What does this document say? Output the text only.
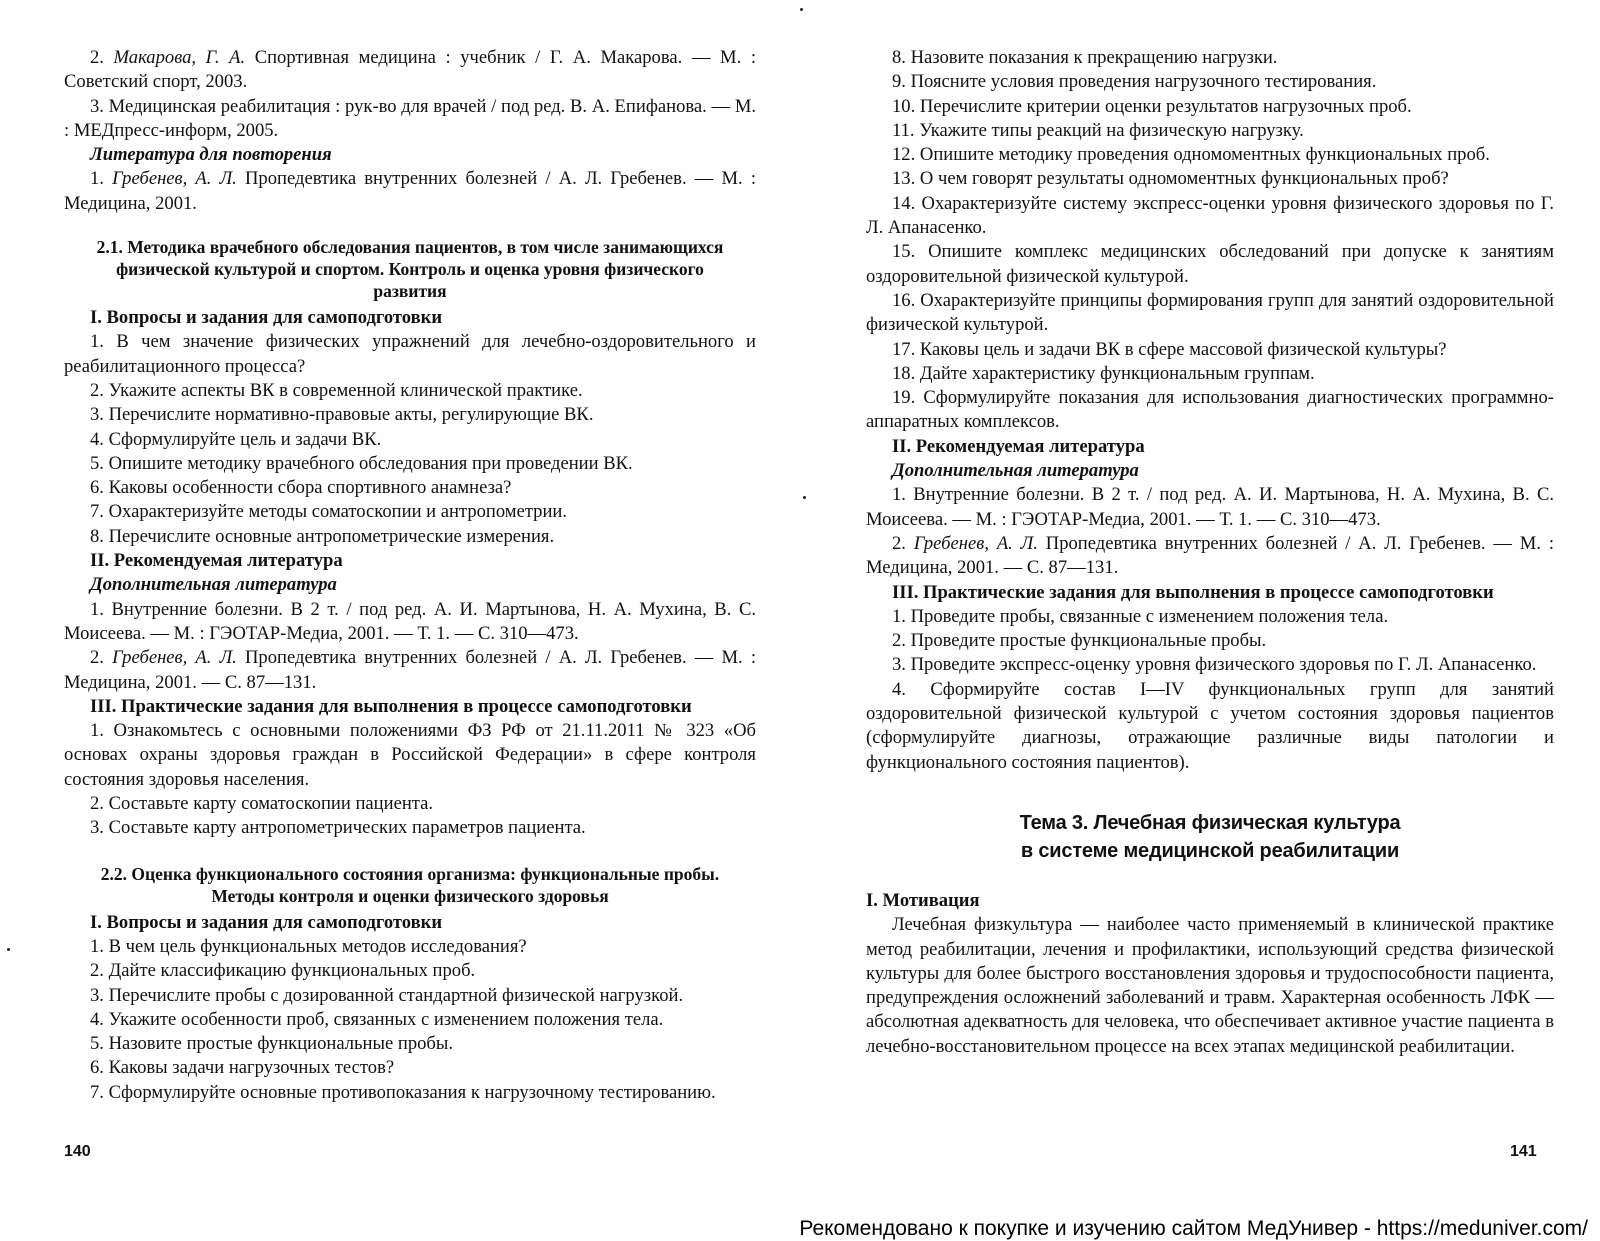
2. Макарова, Г. А. Спортивная медицина : учебник / Г. А. Макарова. — М. : Советский спорт, 2003.

3. Медицинская реабилитация : рук-во для врачей / под ред. В. А. Епифанова. — М. : МЕДпресс-информ, 2005.

Литература для повторения

1. Гребенев, А. Л. Пропедевтика внутренних болезней / А. Л. Гребенев. — М. : Медицина, 2001.

2.1. Методика врачебного обследования пациентов, в том числе занимающихся физической культурой и спортом. Контроль и оценка уровня физического развития

I. Вопросы и задания для самоподготовки

1. В чем значение физических упражнений для лечебно-оздоровительного и реабилитационного процесса?

2. Укажите аспекты ВК в современной клинической практике.

3. Перечислите нормативно-правовые акты, регулирующие ВК.

4. Сформулируйте цель и задачи ВК.

5. Опишите методику врачебного обследования при проведении ВК.

6. Каковы особенности сбора спортивного анамнеза?

7. Охарактеризуйте методы соматоскопии и антропометрии.

8. Перечислите основные антропометрические измерения.

II. Рекомендуемая литература

Дополнительная литература

1. Внутренние болезни. В 2 т. / под ред. А. И. Мартынова, Н. А. Мухина, В. С. Моисеева. — М. : ГЭОТАР-Медиа, 2001. — Т. 1. — С. 310—473.

2. Гребенев, А. Л. Пропедевтика внутренних болезней / А. Л. Гребенев. — М. : Медицина, 2001. — С. 87—131.

III. Практические задания для выполнения в процессе самоподготовки

1. Ознакомьтесь с основными положениями ФЗ РФ от 21.11.2011 № 323 «Об основах охраны здоровья граждан в Российской Федерации» в сфере контроля состояния здоровья населения.

2. Составьте карту соматоскопии пациента.

3. Составьте карту антропометрических параметров пациента.

2.2. Оценка функционального состояния организма: функциональные пробы. Методы контроля и оценки физического здоровья

I. Вопросы и задания для самоподготовки

1. В чем цель функциональных методов исследования?

2. Дайте классификацию функциональных проб.

3. Перечислите пробы с дозированной стандартной физической нагрузкой.

4. Укажите особенности проб, связанных с изменением положения тела.

5. Назовите простые функциональные пробы.

6. Каковы задачи нагрузочных тестов?

7. Сформулируйте основные противопоказания к нагрузочному тестированию.

140

8. Назовите показания к прекращению нагрузки.

9. Поясните условия проведения нагрузочного тестирования.

10. Перечислите критерии оценки результатов нагрузочных проб.

11. Укажите типы реакций на физическую нагрузку.

12. Опишите методику проведения одномоментных функциональных проб.

13. О чем говорят результаты одномоментных функциональных проб?

14. Охарактеризуйте систему экспресс-оценки уровня физического здоровья по Г. Л. Апанасенко.

15. Опишите комплекс медицинских обследований при допуске к занятиям оздоровительной физической культурой.

16. Охарактеризуйте принципы формирования групп для занятий оздоровительной физической культурой.

17. Каковы цель и задачи ВК в сфере массовой физической культуры?

18. Дайте характеристику функциональным группам.

19. Сформулируйте показания для использования диагностических программно-аппаратных комплексов.

II. Рекомендуемая литература

Дополнительная литература

1. Внутренние болезни. В 2 т. / под ред. А. И. Мартынова, Н. А. Мухина, В. С. Моисеева. — М. : ГЭОТАР-Медиа, 2001. — Т. 1. — С. 310—473.

2. Гребенев, А. Л. Пропедевтика внутренних болезней / А. Л. Гребенев. — М. : Медицина, 2001. — С. 87—131.

III. Практические задания для выполнения в процессе самоподготовки

1. Проведите пробы, связанные с изменением положения тела.

2. Проведите простые функциональные пробы.

3. Проведите экспресс-оценку уровня физического здоровья по Г. Л. Апанасенко.

4. Сформируйте состав I—IV функциональных групп для занятий оздоровительной физической культурой с учетом состояния здоровья пациентов (сформулируйте диагнозы, отражающие различные виды патологии и функционального состояния пациентов).

Тема 3. Лечебная физическая культура
в системе медицинской реабилитации

I. Мотивация

Лечебная физкультура — наиболее часто применяемый в клинической практике метод реабилитации, лечения и профилактики, использующий средства физической культуры для более быстрого восстановления здоровья и трудоспособности пациента, предупреждения осложнений заболеваний и травм. Характерная особенность ЛФК — абсолютная адекватность для человека, что обеспечивает активное участие пациента в лечебно-восстановительном процессе на всех этапах медицинской реабилитации.

141
Рекомендовано к покупке и изучению сайтом МедУнивер - https://meduniver.com/
